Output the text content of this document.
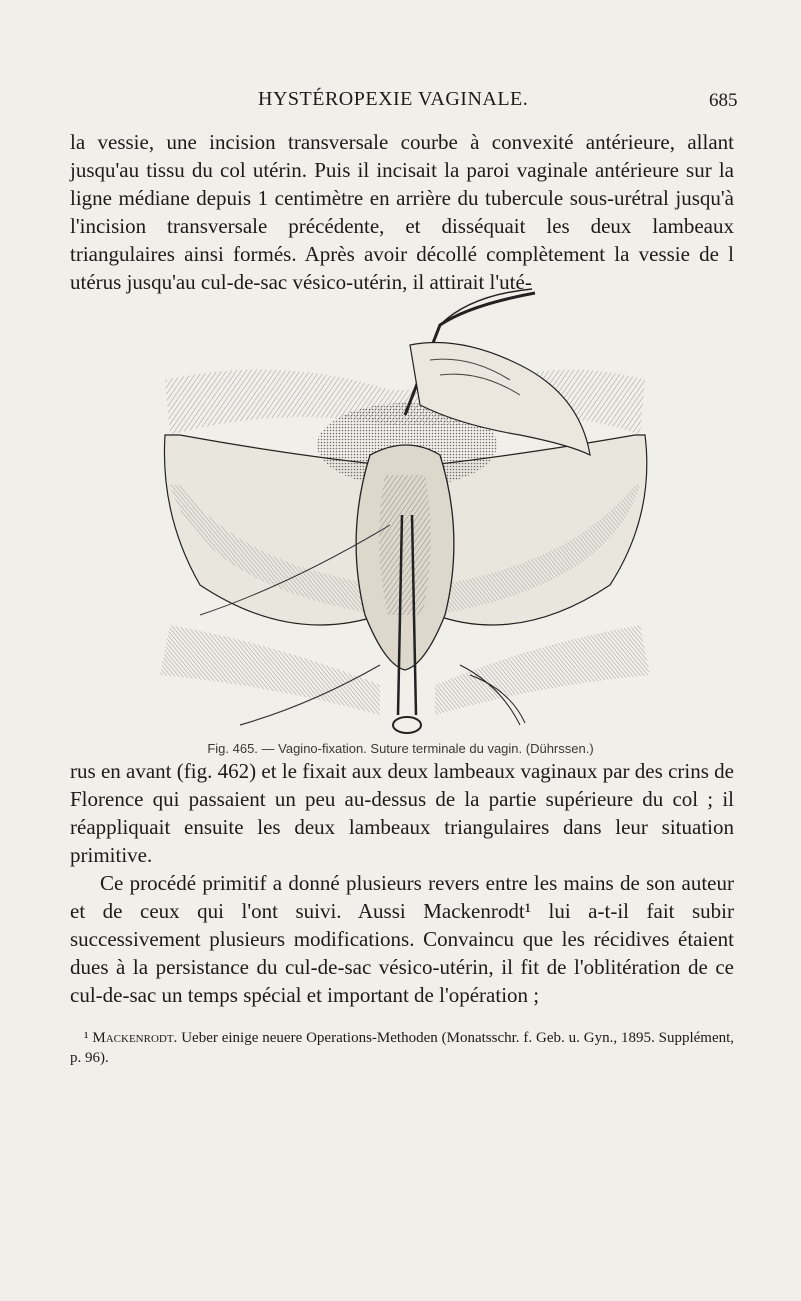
HYSTÉROPEXIE VAGINALE.	685

la vessie, une incision transversale courbe à convexité antérieure, allant jusqu'au tissu du col utérin. Puis il incisait la paroi vaginale antérieure sur la ligne médiane depuis 1 centimètre en arrière du tubercule sous-urétral jusqu'à l'incision transversale précédente, et disséquait les deux lambeaux triangulaires ainsi formés. Après avoir décollé complètement la vessie de l utérus jusqu'au cul-de-sac vésico-utérin, il attirait l'uté-

Fig. 465. — Vagino-fixation. Suture terminale du vagin. (Dührssen.)

rus en avant (fig. 462) et le fixait aux deux lambeaux vaginaux par des crins de Florence qui passaient un peu au-dessus de la partie supérieure du col ; il réappliquait ensuite les deux lambeaux triangulaires dans leur situation primitive.

Ce procédé primitif a donné plusieurs revers entre les mains de son auteur et de ceux qui l'ont suivi. Aussi Mackenrodt¹ lui a-t-il fait subir successivement plusieurs modifications. Convaincu que les récidives étaient dues à la persistance du cul-de-sac vésico-utérin, il fit de l'oblitération de ce cul-de-sac un temps spécial et important de l'opération ;

¹ Mackenrodt. Ueber einige neuere Operations-Methoden (Monatsschr. f. Geb. u. Gyn., 1895. Supplément, p. 96).
